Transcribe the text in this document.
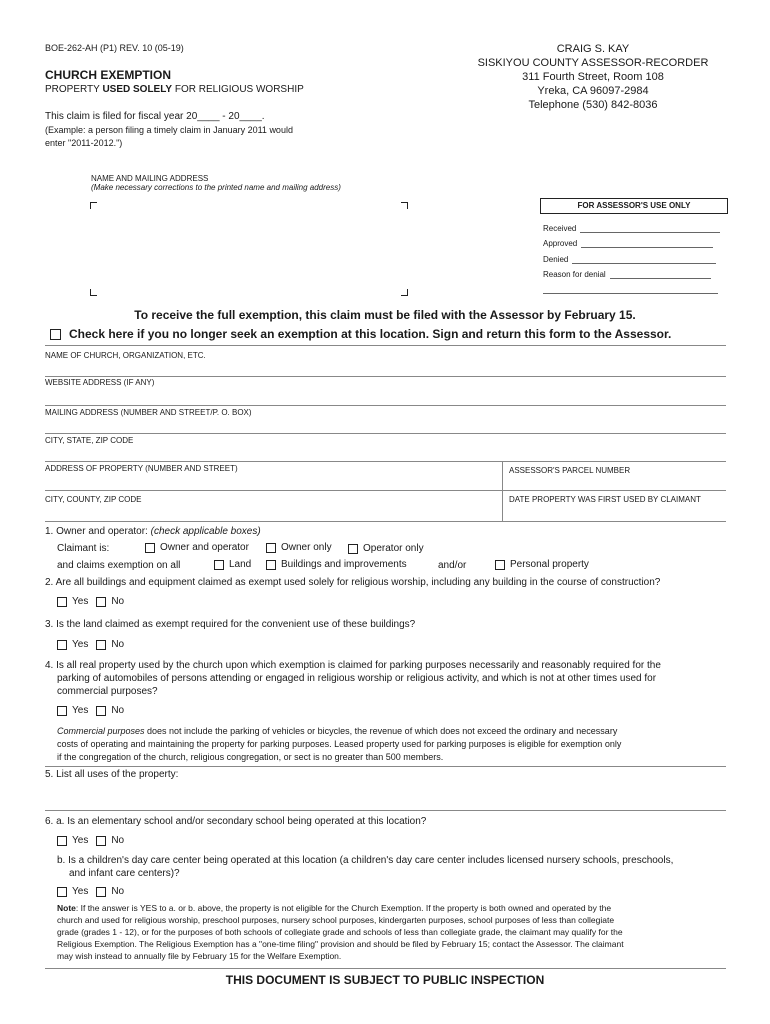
BOE-262-AH (P1) REV. 10 (05-19)
CHURCH EXEMPTION
PROPERTY USED SOLELY FOR RELIGIOUS WORSHIP
This claim is filed for fiscal year 20____ - 20____.
(Example: a person filing a timely claim in January 2011 would
enter "2011-2012.")
CRAIG S. KAY
SISKIYOU COUNTY ASSESSOR-RECORDER
311 Fourth Street, Room 108
Yreka, CA 96097-2984
Telephone (530) 842-8036
NAME AND MAILING ADDRESS
(Make necessary corrections to the printed name and mailing address)
FOR ASSESSOR'S USE ONLY
Received
Approved
Denied
Reason for denial
To receive the full exemption, this claim must be filed with the Assessor by February 15.
Check here if you no longer seek an exemption at this location. Sign and return this form to the Assessor.
NAME OF CHURCH, ORGANIZATION, ETC.
WEBSITE ADDRESS (IF ANY)
MAILING ADDRESS (NUMBER AND STREET/P. O. BOX)
CITY, STATE, ZIP CODE
ADDRESS OF PROPERTY (NUMBER AND STREET)	ASSESSOR'S PARCEL NUMBER
CITY, COUNTY, ZIP CODE	DATE PROPERTY WAS FIRST USED BY CLAIMANT
1. Owner and operator: (check applicable boxes)
Claimant is:	Owner and operator	Owner only	Operator only
and claims exemption on all	Land	Buildings and improvements	and/or	Personal property
2. Are all buildings and equipment claimed as exempt used solely for religious worship, including any building in the course of construction?
Yes No
3. Is the land claimed as exempt required for the convenient use of these buildings?
Yes No
4. Is all real property used by the church upon which exemption is claimed for parking purposes necessarily and reasonably required for the
parking of automobiles of persons attending or engaged in religious worship or religious activity, and which is not at other times used for
commercial purposes?
Yes No
Commercial purposes does not include the parking of vehicles or bicycles, the revenue of which does not exceed the ordinary and necessary
costs of operating and maintaining the property for parking purposes. Leased property used for parking purposes is eligible for exemption only
if the congregation of the church, religious congregation, or sect is no greater than 500 members.
5. List all uses of the property:
6. a. Is an elementary school and/or secondary school being operated at this location?
Yes No
b. Is a children's day care center being operated at this location (a children's day care center includes licensed nursery schools, preschools,
and infant care centers)?
Yes No
Note: If the answer is YES to a. or b. above, the property is not eligible for the Church Exemption. If the property is both owned and operated by the
church and used for religious worship, preschool purposes, nursery school purposes, kindergarten purposes, school purposes of less than collegiate
grade (grades 1 - 12), or for the purposes of both schools of collegiate grade and schools of less than collegiate grade, the claimant may qualify for the
Religious Exemption. The Religious Exemption has a "one-time filing" provision and should be filed by February 15; contact the Assessor. The claimant
may wish instead to annually file by February 15 for the Welfare Exemption.
THIS DOCUMENT IS SUBJECT TO PUBLIC INSPECTION
